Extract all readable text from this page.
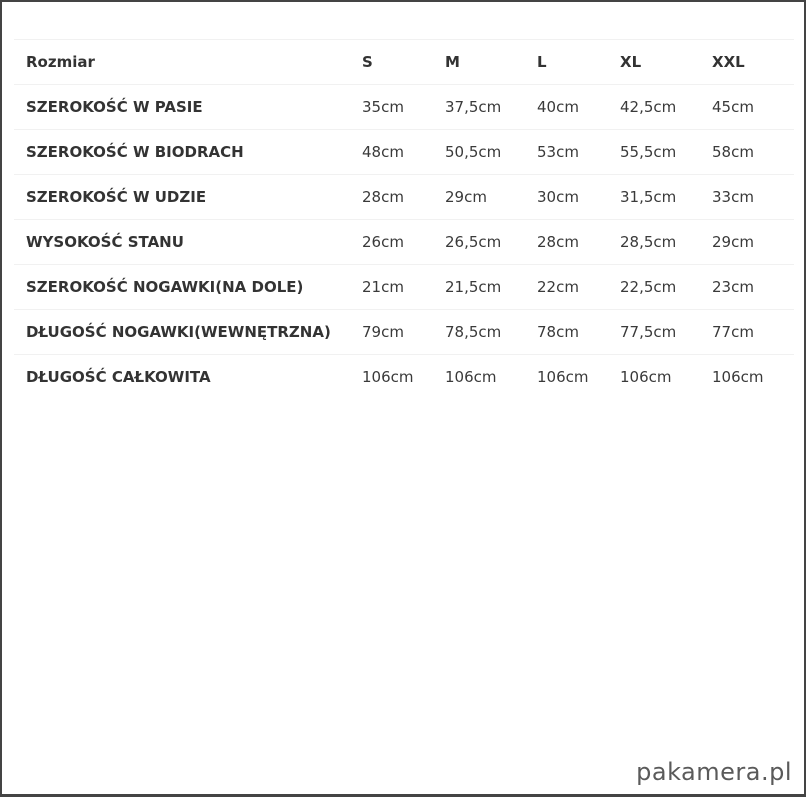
Rozmiar	S	M	L	XL	XXL
SZEROKOŚĆ W PASIE	35cm	37,5cm	40cm	42,5cm	45cm
SZEROKOŚĆ W BIODRACH	48cm	50,5cm	53cm	55,5cm	58cm
SZEROKOŚĆ W UDZIE	28cm	29cm	30cm	31,5cm	33cm
WYSOKOŚĆ STANU	26cm	26,5cm	28cm	28,5cm	29cm
SZEROKOŚĆ NOGAWKI(NA DOLE)	21cm	21,5cm	22cm	22,5cm	23cm
DŁUGOŚĆ NOGAWKI(WEWNĘTRZNA)	79cm	78,5cm	78cm	77,5cm	77cm
DŁUGOŚĆ CAŁKOWITA	106cm	106cm	106cm	106cm	106cm
pakamera.pl
